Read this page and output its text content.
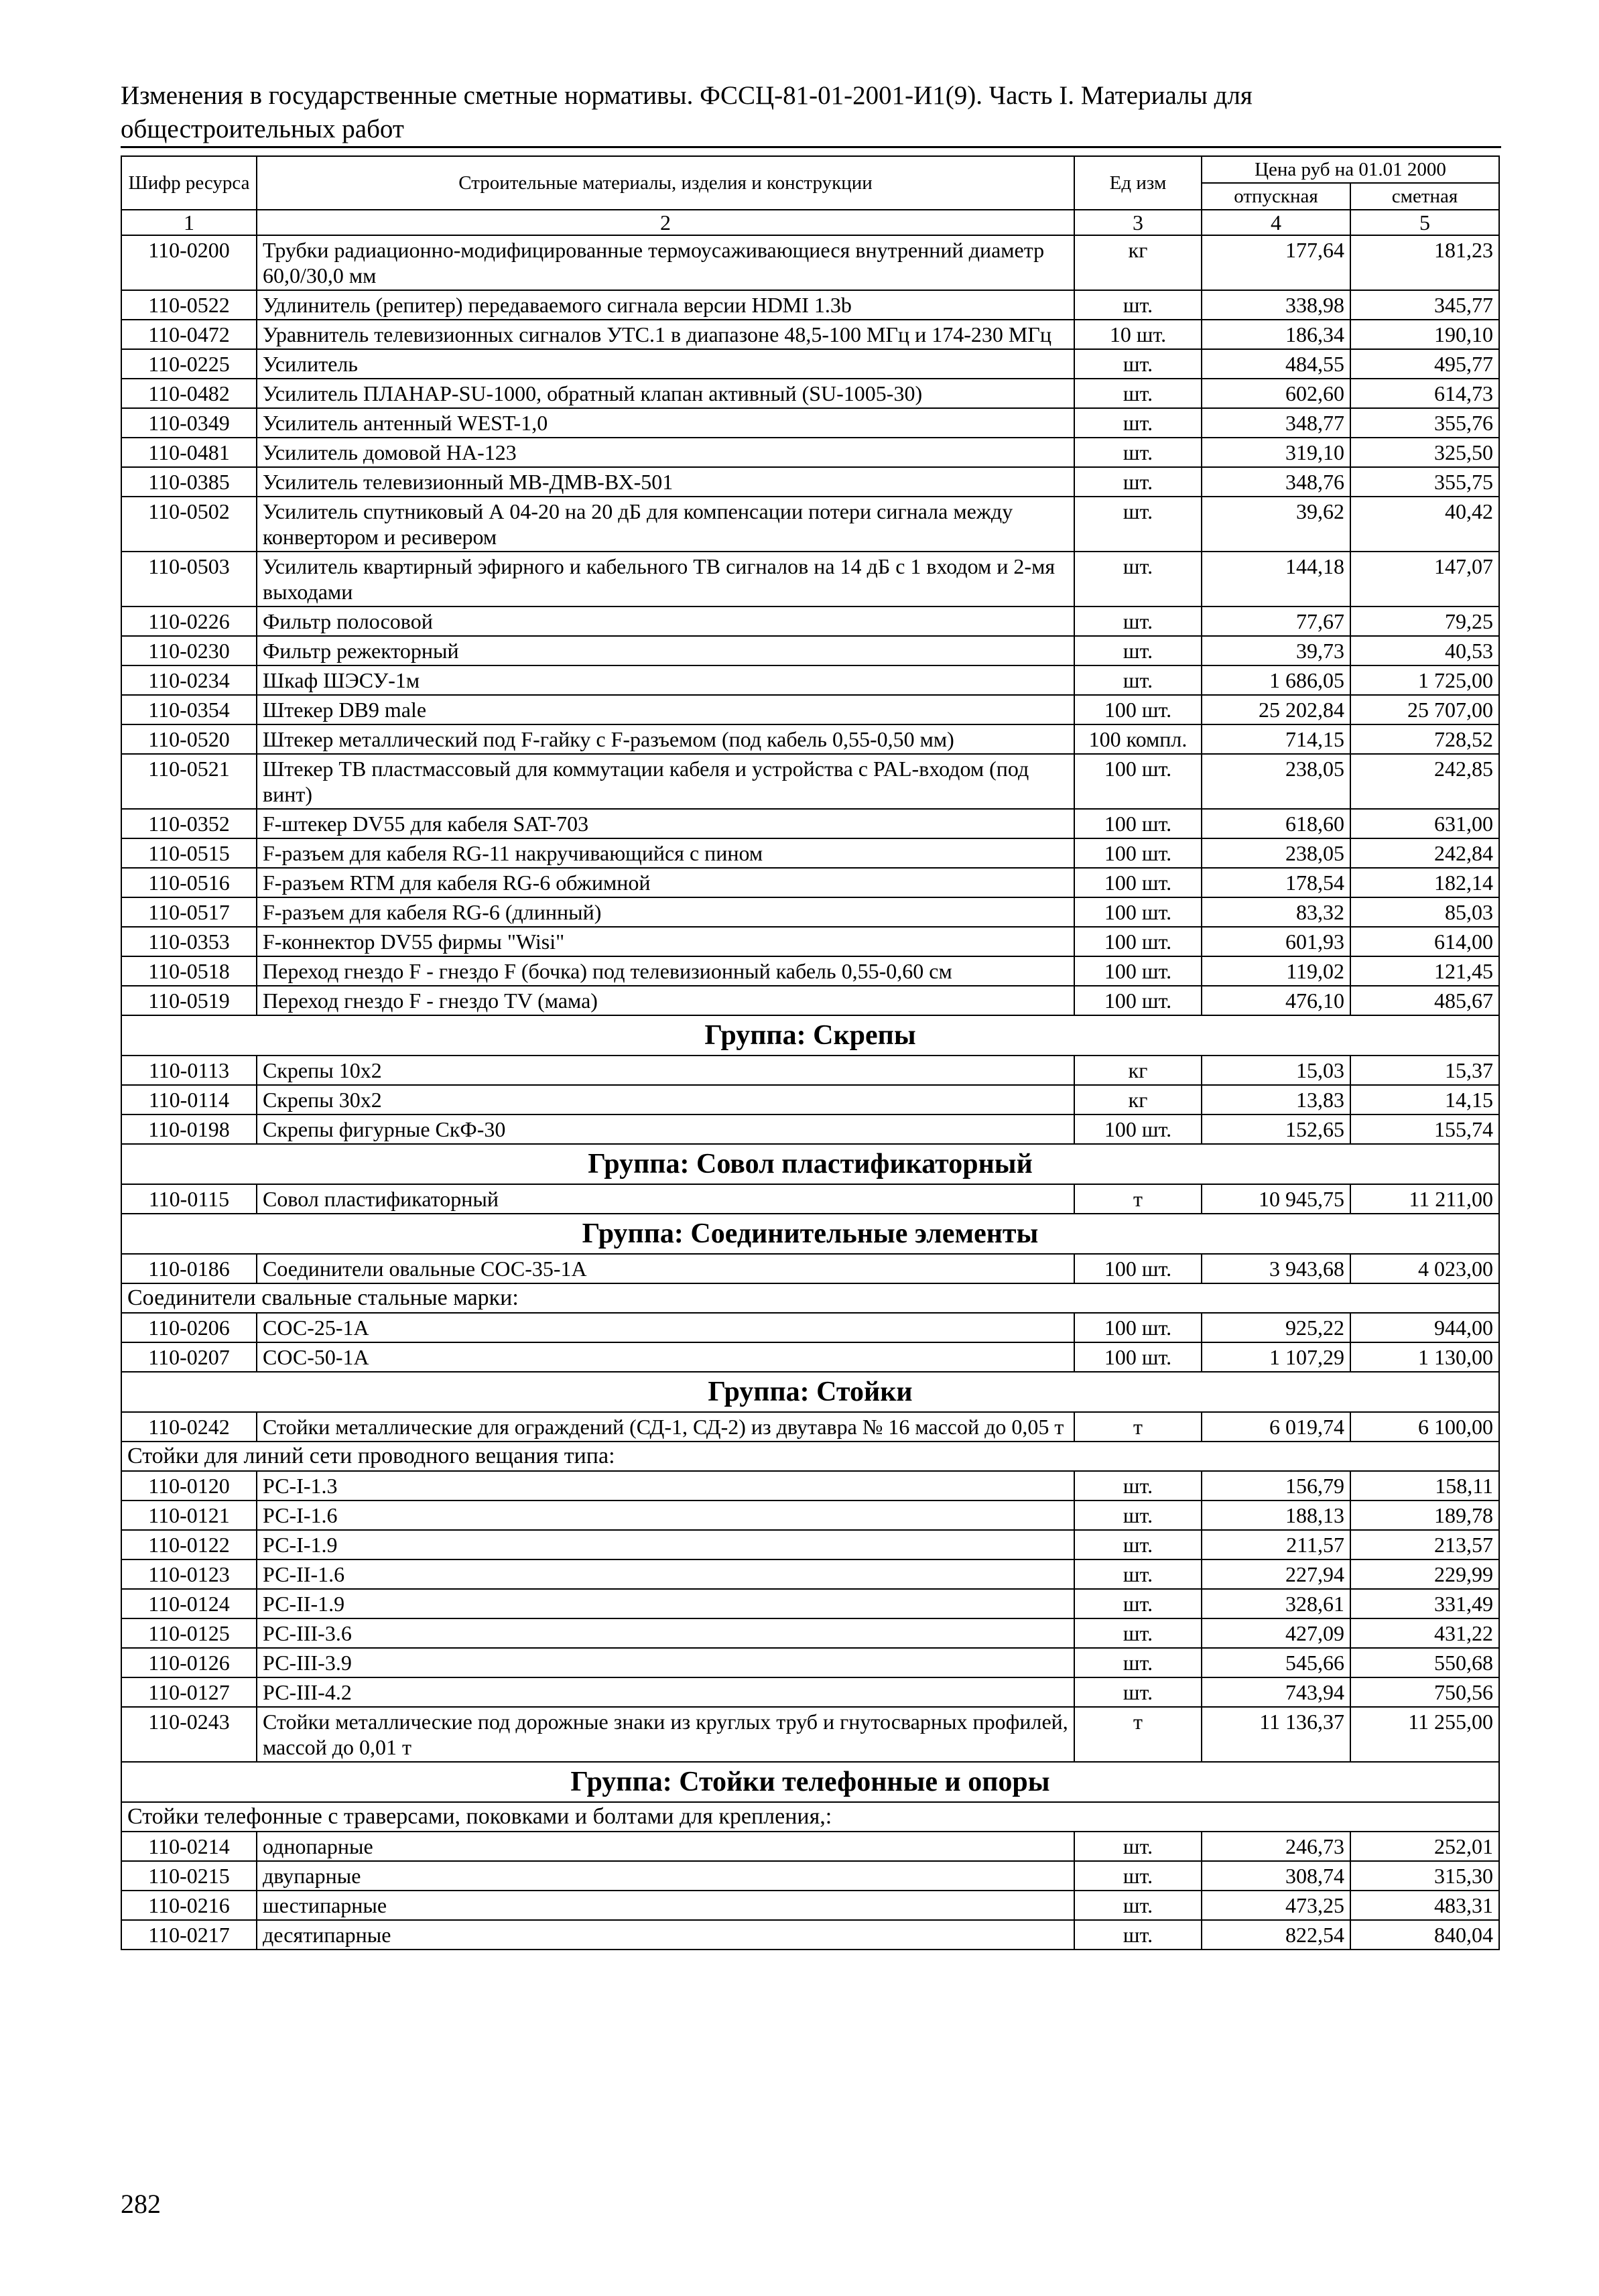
Изменения в государственные сметные нормативы. ФССЦ-81-01-2001-И1(9). Часть I. Материалы для
общестроительных работ
Шифр ресурса	Строительные материалы, изделия и конструкции	Ед изм	Цена руб на 01.01 2000	
			отпускная	сметная
1	2	3	4	5
110-0200	Трубки радиационно-модифицированные термоусаживающиеся внутренний диаметр 60,0/30,0 мм	кг	177,64	181,23
110-0522	Удлинитель (репитер) передаваемого сигнала версии HDMI 1.3b	шт.	338,98	345,77
110-0472	Уравнитель телевизионных сигналов УТС.1 в диапазоне 48,5-100 МГц и 174-230 МГц	10 шт.	186,34	190,10
110-0225	Усилитель	шт.	484,55	495,77
110-0482	Усилитель ПЛАНАР-SU-1000, обратный клапан активный (SU-1005-30)	шт.	602,60	614,73
110-0349	Усилитель антенный WEST-1,0	шт.	348,77	355,76
110-0481	Усилитель домовой НА-123	шт.	319,10	325,50
110-0385	Усилитель телевизионный МВ-ДМВ-ВХ-501	шт.	348,76	355,75
110-0502	Усилитель спутниковый А 04-20 на 20 дБ для компенсации потери сигнала между конвертором и ресивером	шт.	39,62	40,42
110-0503	Усилитель квартирный эфирного и кабельного ТВ сигналов на 14 дБ с 1 входом и 2-мя выходами	шт.	144,18	147,07
110-0226	Фильтр полосовой	шт.	77,67	79,25
110-0230	Фильтр режекторный	шт.	39,73	40,53
110-0234	Шкаф ШЭСУ-1м	шт.	1 686,05	1 725,00
110-0354	Штекер DB9 male	100 шт.	25 202,84	25 707,00
110-0520	Штекер металлический под F-гайку с F-разъемом (под кабель 0,55-0,50 мм)	100 компл.	714,15	728,52
110-0521	Штекер ТВ пластмассовый для коммутации кабеля и устройства с PAL-входом (под винт)	100 шт.	238,05	242,85
110-0352	F-штекер DV55 для кабеля SAT-703	100 шт.	618,60	631,00
110-0515	F-разъем для кабеля RG-11 накручивающийся с пином	100 шт.	238,05	242,84
110-0516	F-разъем RTM для кабеля RG-6 обжимной	100 шт.	178,54	182,14
110-0517	F-разъем для кабеля RG-6 (длинный)	100 шт.	83,32	85,03
110-0353	F-коннектор DV55 фирмы "Wisi"	100 шт.	601,93	614,00
110-0518	Переход гнездо F - гнездо F (бочка) под телевизионный кабель 0,55-0,60 см	100 шт.	119,02	121,45
110-0519	Переход гнездо F - гнездо TV (мама)	100 шт.	476,10	485,67
Группа: Скрепы				
110-0113	Скрепы 10х2	кг	15,03	15,37
110-0114	Скрепы 30х2	кг	13,83	14,15
110-0198	Скрепы фигурные СкФ-30	100 шт.	152,65	155,74
Группа: Совол пластификаторный				
110-0115	Совол пластификаторный	т	10 945,75	11 211,00
Группа: Соединительные элементы				
110-0186	Соединители овальные СОС-35-1А	100 шт.	3 943,68	4 023,00
Соединители свальные стальные марки:				
110-0206	СОС-25-1А	100 шт.	925,22	944,00
110-0207	СОС-50-1А	100 шт.	1 107,29	1 130,00
Группа: Стойки				
110-0242	Стойки металлические для ограждений (СД-1, СД-2) из двутавра № 16 массой до 0,05 т	т	6 019,74	6 100,00
Стойки для линий сети проводного вещания типа:				
110-0120	РС-I-1.3	шт.	156,79	158,11
110-0121	РС-I-1.6	шт.	188,13	189,78
110-0122	РС-I-1.9	шт.	211,57	213,57
110-0123	РС-II-1.6	шт.	227,94	229,99
110-0124	РС-II-1.9	шт.	328,61	331,49
110-0125	РС-III-3.6	шт.	427,09	431,22
110-0126	РС-III-3.9	шт.	545,66	550,68
110-0127	РС-III-4.2	шт.	743,94	750,56
110-0243	Стойки металлические под дорожные знаки из круглых труб и гнутосварных профилей, массой до 0,01 т	т	11 136,37	11 255,00
Группа: Стойки телефонные и опоры				
Стойки телефонные с траверсами, поковками и болтами для крепления,:				
110-0214	однопарные	шт.	246,73	252,01
110-0215	двупарные	шт.	308,74	315,30
110-0216	шестипарные	шт.	473,25	483,31
110-0217	десятипарные	шт.	822,54	840,04
282
